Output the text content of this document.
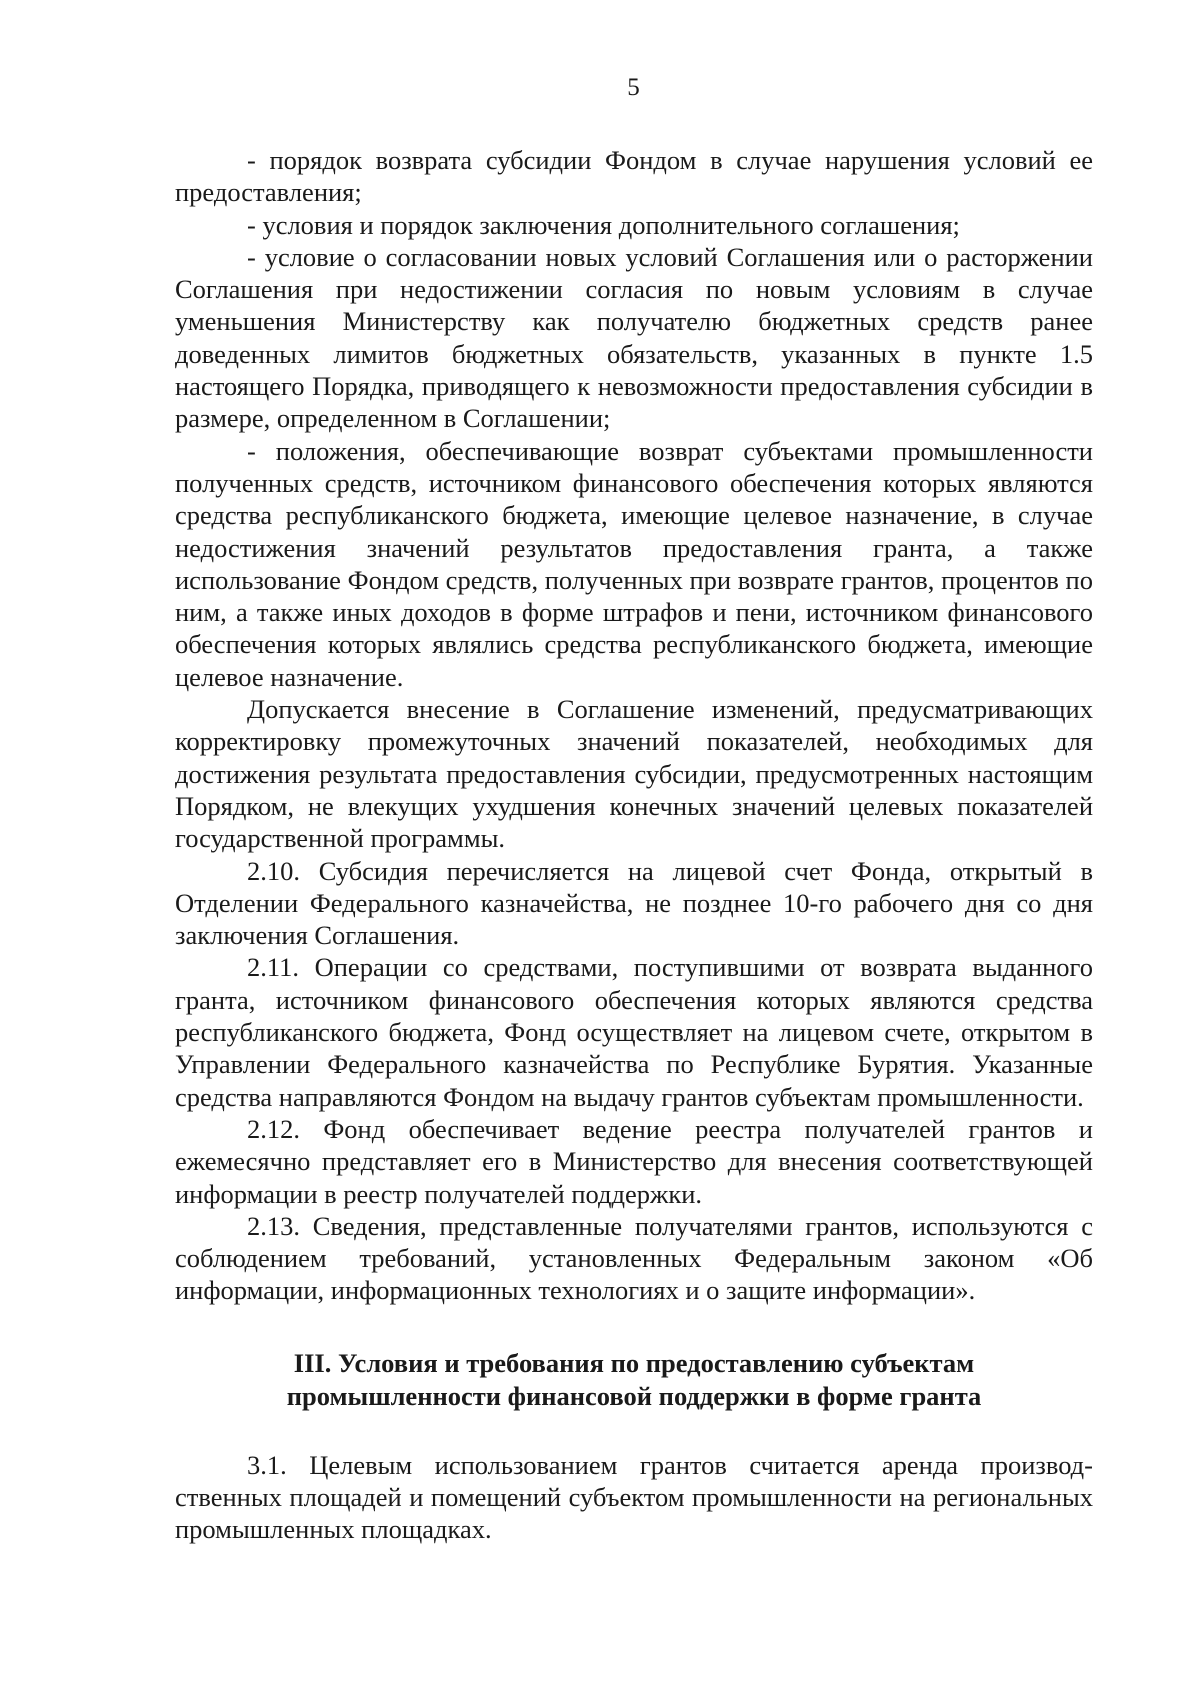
5

- порядок возврата субсидии Фондом в случае нарушения условий ее предоставления;

- условия и порядок заключения дополнительного соглашения;

- условие о согласовании новых условий Соглашения или о расторжении Соглашения при недостижении согласия по новым условиям в случае уменьшения Министерству как получателю бюджетных средств ранее доведенных лимитов бюджетных обязательств, указанных в пункте 1.5 настоящего Порядка, приводящего к невозможности предоставления субсидии в размере, определенном в Соглашении;

- положения, обеспечивающие возврат субъектами промышленности полученных средств, источником финансового обеспечения которых являются средства республиканского бюджета, имеющие целевое назначение, в случае недостижения значений результатов предоставления гранта, а также использование Фондом средств, полученных при возврате грантов, процентов по ним, а также иных доходов в форме штрафов и пени, источником финансового обеспечения которых являлись средства республиканского бюджета, имеющие целевое назначение.

Допускается внесение в Соглашение изменений, предусматривающих корректировку промежуточных значений показателей, необходимых для достижения результата предоставления субсидии, предусмотренных настоящим Порядком, не влекущих ухудшения конечных значений целевых показателей государственной программы.

2.10. Субсидия перечисляется на лицевой счет Фонда, открытый в Отделении Федерального казначейства, не позднее 10-го рабочего дня со дня заключения Соглашения.

2.11. Операции со средствами, поступившими от возврата выданного гранта, источником финансового обеспечения которых являются средства республиканского бюджета, Фонд осуществляет на лицевом счете, открытом в Управлении Федерального казначейства по Республике Бурятия. Указанные средства направляются Фондом на выдачу грантов субъектам промышленности.

2.12. Фонд обеспечивает ведение реестра получателей грантов и ежемесячно представляет его в Министерство для внесения соответствующей информации в реестр получателей поддержки.

2.13. Сведения, представленные получателями грантов, используются с соблюдением требований, установленных Федеральным законом «Об информации, информационных технологиях и о защите информации».

III. Условия и требования по предоставлению субъектам
промышленности финансовой поддержки в форме гранта

3.1. Целевым использованием грантов считается аренда производственных площадей и помещений субъектом промышленности на региональных промышленных площадках.
